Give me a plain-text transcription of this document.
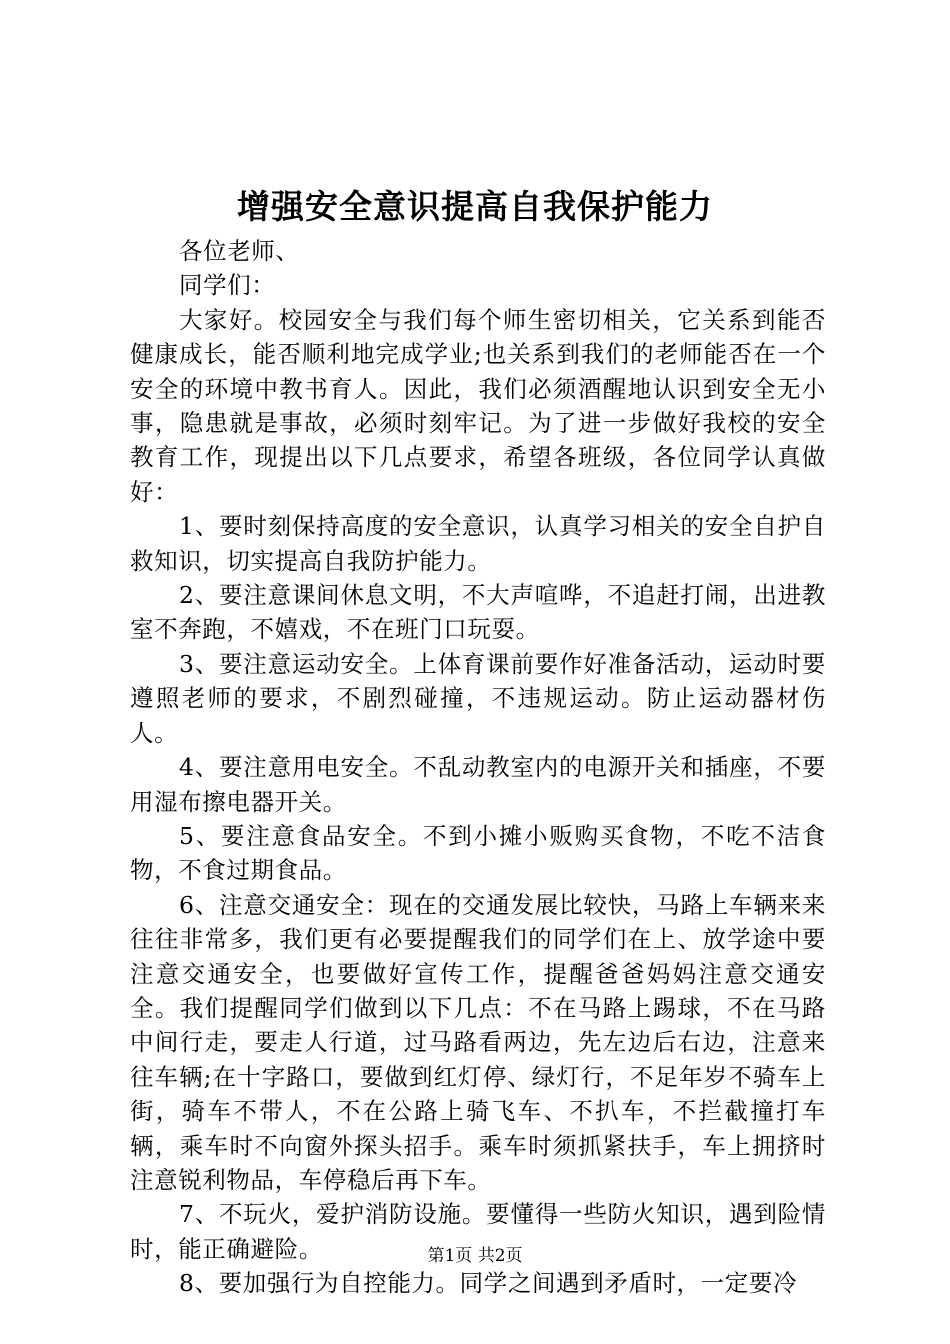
增强安全意识提高自我保护能力

各位老师、

同学们：

大家好。校园安全与我们每个师生密切相关，它关系到能否健康成长，能否顺利地完成学业;也关系到我们的老师能否在一个安全的环境中教书育人。因此，我们必须酒醒地认识到安全无小事，隐患就是事故，必须时刻牢记。为了进一步做好我校的安全教育工作，现提出以下几点要求，希望各班级，各位同学认真做好：

1、要时刻保持高度的安全意识，认真学习相关的安全自护自救知识，切实提高自我防护能力。

2、要注意课间休息文明，不大声喧哗，不追赶打闹，出进教室不奔跑，不嬉戏，不在班门口玩耍。

3、要注意运动安全。上体育课前要作好准备活动，运动时要遵照老师的要求，不剧烈碰撞，不违规运动。防止运动器材伤人。

4、要注意用电安全。不乱动教室内的电源开关和插座，不要用湿布擦电器开关。

5、要注意食品安全。不到小摊小贩购买食物，不吃不洁食物，不食过期食品。

6、注意交通安全：现在的交通发展比较快，马路上车辆来来往往非常多，我们更有必要提醒我们的同学们在上、放学途中要注意交通安全，也要做好宣传工作，提醒爸爸妈妈注意交通安全。我们提醒同学们做到以下几点：不在马路上踢球，不在马路中间行走，要走人行道，过马路看两边，先左边后右边，注意来往车辆;在十字路口，要做到红灯停、绿灯行，不足年岁不骑车上街，骑车不带人，不在公路上骑飞车、不扒车，不拦截撞打车辆，乘车时不向窗外探头招手。乘车时须抓紧扶手，车上拥挤时注意锐利物品，车停稳后再下车。

7、不玩火，爱护消防设施。要懂得一些防火知识，遇到险情时，能正确避险。

8、要加强行为自控能力。同学之间遇到矛盾时，一定要冷

第1页 共2页
